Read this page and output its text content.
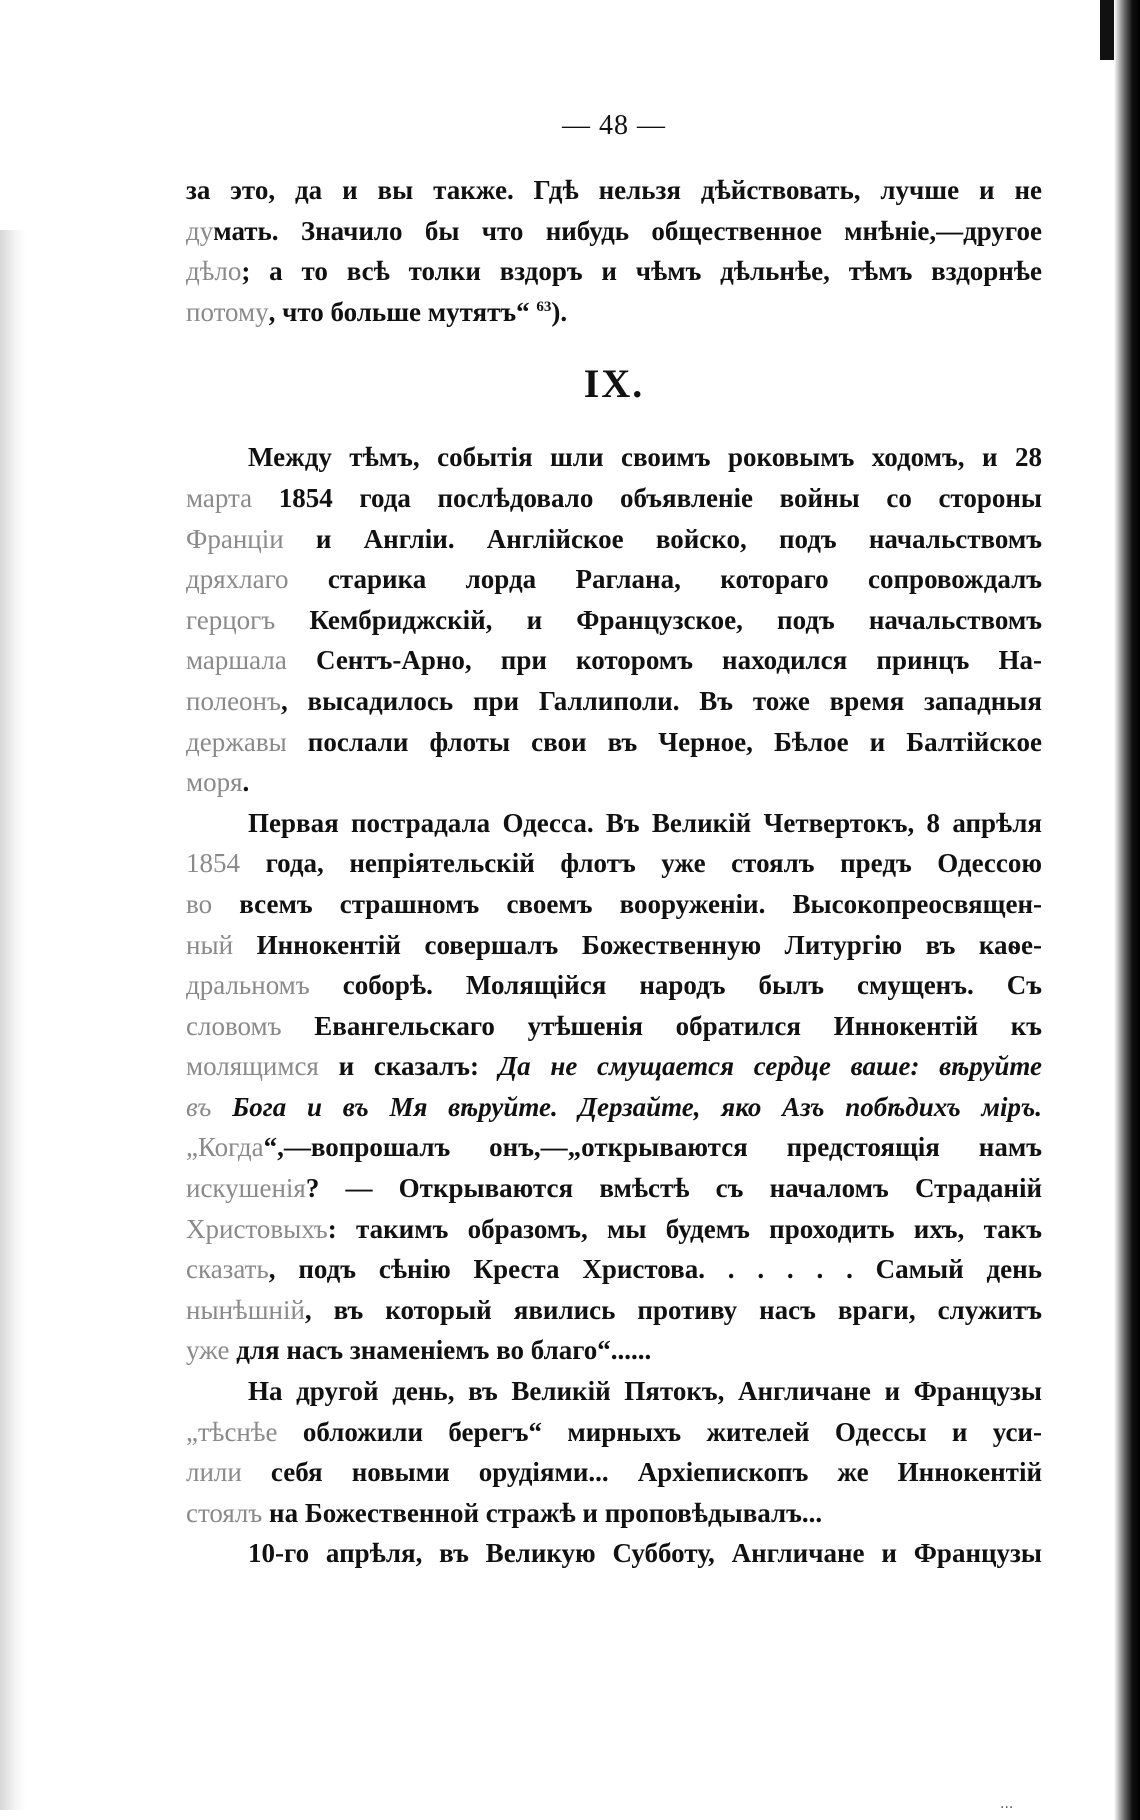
— 48 —
за это, да и вы также. Гдѣ нельзя дѣйствовать, лучше и не
думать. Значило бы что нибудь общественное мнѣніе,—другое
дѣло; а то всѣ толки вздоръ и чѣмъ дѣльнѣе, тѣмъ вздорнѣе
потому, что больше мутятъ“ $^{63}$).
IX.
Между тѣмъ, событія шли своимъ роковымъ ходомъ, и 28
марта 1854 года послѣдовало объявленіе войны со стороны
Франціи и Англіи. Англійское войско, подъ начальствомъ
дряхлаго старика лорда Раглана, котораго сопровождалъ
герцогъ Кембриджскій, и Французское, подъ начальствомъ
маршала Сентъ-Арно, при которомъ находился принцъ На-
полеонъ, высадилось при Галлиполи. Въ тоже время западныя
державы послали флоты свои въ Черное, Бѣлое и Балтійское
моря.
Первая пострадала Одесса. Въ Великій Четвертокъ, 8 апрѣля
1854 года, непріятельскій флотъ уже стоялъ предъ Одессою
во всемъ страшномъ своемъ вооруженіи. Высокопреосвящен-
ный Иннокентій совершалъ Божественную Литургію въ каѳе-
дральномъ соборѣ. Молящійся народъ былъ смущенъ. Съ
словомъ Евангельскаго утѣшенія обратился Иннокентій къ
молящимся и сказалъ: Да не смущается сердце ваше: вѣруйте
въ Бога и въ Мя вѣруйте. Дерзайте, яко Азъ побѣдихъ міръ.
„Когда“,—вопрошалъ онъ,—„открываются предстоящія намъ
искушенія? — Открываются вмѣстѣ съ началомъ Страданій
Христовыхъ: такимъ образомъ, мы будемъ проходить ихъ, такъ
сказать, подъ сѣнію Креста Христова. . . . . . Самый день
нынѣшній, въ который явились противу насъ враги, служитъ
уже для насъ знаменіемъ во благо“......
На другой день, въ Великій Пятокъ, Англичане и Французы
„тѣснѣе обложили берегъ“ мирныхъ жителей Одессы и уси-
лили себя новыми орудіями... Архіепископъ же Иннокентій
стоялъ на Божественной стражѣ и проповѣдывалъ...
10-го апрѣля, въ Великую Субботу, Англичане и Французы
...
